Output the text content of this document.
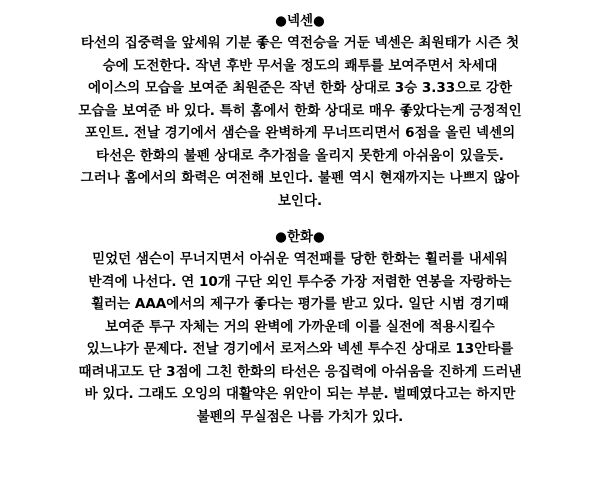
●넥센●
타선의 집중력을 앞세워 기분 좋은 역전승을 거둔 넥센은 최원태가 시즌 첫
승에 도전한다. 작년 후반 무서울 정도의 쾌투를 보여주면서 차세대
에이스의 모습을 보여준 최원준은 작년 한화 상대로 3승 3.33으로 강한
모습을 보여준 바 있다. 특히 홈에서 한화 상대로 매우 좋았다는게 긍정적인
포인트. 전날 경기에서 샘슨을 완벽하게 무너뜨리면서 6점을 올린 넥센의
타선은 한화의 불펜 상대로 추가점을 올리지 못한게 아쉬움이 있을듯.
그러나 홈에서의 화력은 여전해 보인다. 불펜 역시 현재까지는 나쁘지 않아
보인다.
●한화●
믿었던 샘슨이 무너지면서 아쉬운 역전패를 당한 한화는 휠러를 내세워
반격에 나선다. 연 10개 구단 외인 투수중 가장 저렴한 연봉을 자랑하는
휠러는 AAA에서의 제구가 좋다는 평가를 받고 있다. 일단 시범 경기때
보여준 투구 자체는 거의 완벽에 가까운데 이를 실전에 적용시킬수
있느냐가 문제다. 전날 경기에서 로저스와 넥센 투수진 상대로 13안타를
때려내고도 단 3점에 그친 한화의 타선은 응집력에 아쉬움을 진하게 드러낸
바 있다. 그래도 오잉의 대활약은 위안이 되는 부분. 벌떼였다고는 하지만
불펜의 무실점은 나름 가치가 있다.
